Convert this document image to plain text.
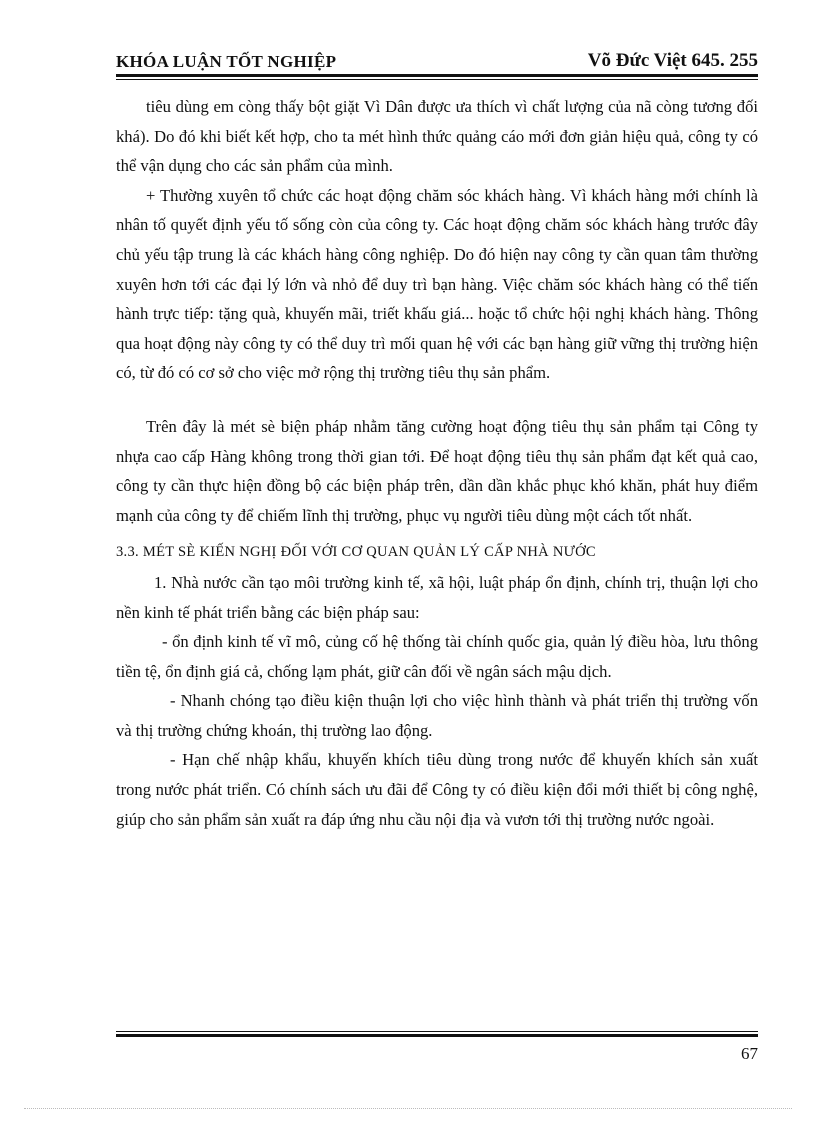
KHÓA LUẬN TỐT NGHIỆP	Võ Đức Việt 645. 255

tiêu dùng em còng thấy bột giặt Vì Dân được ưa thích vì chất lượng của nã còng tương đối khá). Do đó khi biết kết hợp, cho ta mét hình thức quảng cáo mới đơn giản hiệu quả, công ty có thể vận dụng cho các sản phẩm của mình.

+ Thường xuyên tổ chức các hoạt động chăm sóc khách hàng. Vì khách hàng mới chính là nhân tố quyết định yếu tố sống còn của công ty. Các hoạt động chăm sóc khách hàng trước đây chủ yếu tập trung là các khách hàng công nghiệp. Do đó hiện nay công ty cần quan tâm thường xuyên hơn tới các đại lý lớn và nhỏ để duy trì bạn hàng. Việc chăm sóc khách hàng có thể tiến hành trực tiếp: tặng quà, khuyến mãi, triết khấu giá... hoặc tổ chức hội nghị khách hàng. Thông qua hoạt động này công ty có thể duy trì mối quan hệ với các bạn hàng giữ vững thị trường hiện có, từ đó có cơ sở cho việc mở rộng thị trường tiêu thụ sản phẩm.

Trên đây là mét sè biện pháp nhằm tăng cường hoạt động tiêu thụ sản phẩm tại Công ty nhựa cao cấp Hàng không trong thời gian tới. Để hoạt động tiêu thụ sản phẩm đạt kết quả cao, công ty cần thực hiện đồng bộ các biện pháp trên, dần dần khắc phục khó khăn, phát huy điểm mạnh của công ty để chiếm lĩnh thị trường, phục vụ người tiêu dùng một cách tốt nhất.

3.3. MÉT SÈ KIẾN NGHỊ ĐỐI VỚI CƠ QUAN QUẢN LÝ CẤP NHÀ NƯỚC

1. Nhà nước cần tạo môi trường kinh tế, xã hội, luật pháp ổn định, chính trị, thuận lợi cho nền kinh tế phát triển bằng các biện pháp sau:

- ổn định kinh tế vĩ mô, củng cố hệ thống tài chính quốc gia, quản lý điều hòa, lưu thông tiền tệ, ổn định giá cả, chống lạm phát, giữ cân đối về ngân sách mậu dịch.

- Nhanh chóng tạo điều kiện thuận lợi cho việc hình thành và phát triển thị trường vốn và thị trường chứng khoán, thị trường lao động.

- Hạn chế nhập khẩu, khuyến khích tiêu dùng trong nước để khuyến khích sản xuất trong nước phát triển. Có chính sách ưu đãi để Công ty có điều kiện đổi mới thiết bị công nghệ, giúp cho sản phẩm sản xuất ra đáp ứng nhu cầu nội địa và vươn tới thị trường nước ngoài.

67
